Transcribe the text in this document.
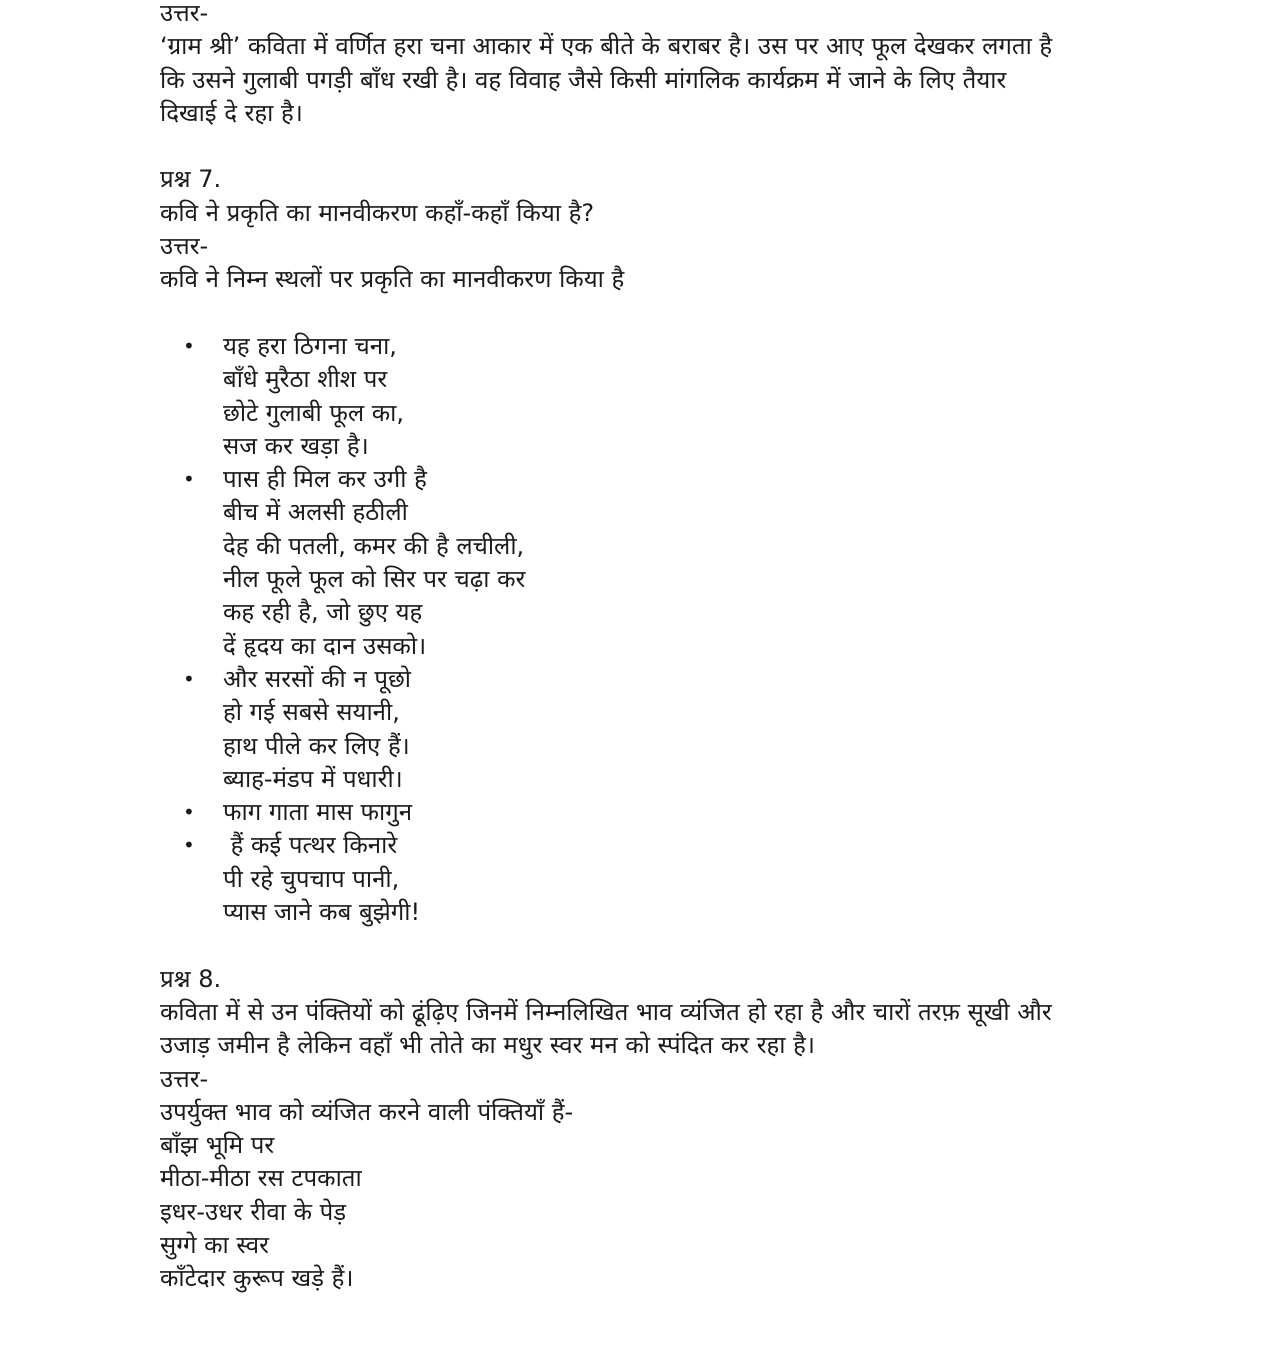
उत्तर-
‘ग्राम श्री’ कविता में वर्णित हरा चना आकार में एक बीते के बराबर है। उस पर आए फूल देखकर लगता है
कि उसने गुलाबी पगड़ी बाँध रखी है। वह विवाह जैसे किसी मांगलिक कार्यक्रम में जाने के लिए तैयार
दिखाई दे रहा है।
प्रश्न 7.
कवि ने प्रकृति का मानवीकरण कहाँ-कहाँ किया है?
उत्तर-
कवि ने निम्न स्थलों पर प्रकृति का मानवीकरण किया है
• यह हरा ठिगना चना,
बाँधे मुरैठा शीश पर
छोटे गुलाबी फूल का,
सज कर खड़ा है।
• पास ही मिल कर उगी है
बीच में अलसी हठीली
देह की पतली, कमर की है लचीली,
नील फूले फूल को सिर पर चढ़ा कर
कह रही है, जो छुए यह
दें हृदय का दान उसको।
• और सरसों की न पूछो
हो गई सबसे सयानी,
हाथ पीले कर लिए हैं।
ब्याह-मंडप में पधारी।
• फाग गाता मास फागुन
• हैं कई पत्थर किनारे
पी रहे चुपचाप पानी,
प्यास जाने कब बुझेगी!
प्रश्न 8.
कविता में से उन पंक्तियों को ढूंढ़िए जिनमें निम्नलिखित भाव व्यंजित हो रहा है और चारों तरफ़ सूखी और
उजाड़ जमीन है लेकिन वहाँ भी तोते का मधुर स्वर मन को स्पंदित कर रहा है।
उत्तर-
उपर्युक्त भाव को व्यंजित करने वाली पंक्तियाँ हैं-
बाँझ भूमि पर
मीठा-मीठा रस टपकाता
इधर-उधर रीवा के पेड़
सुग्गे का स्वर
काँटेदार कुरूप खड़े हैं।
